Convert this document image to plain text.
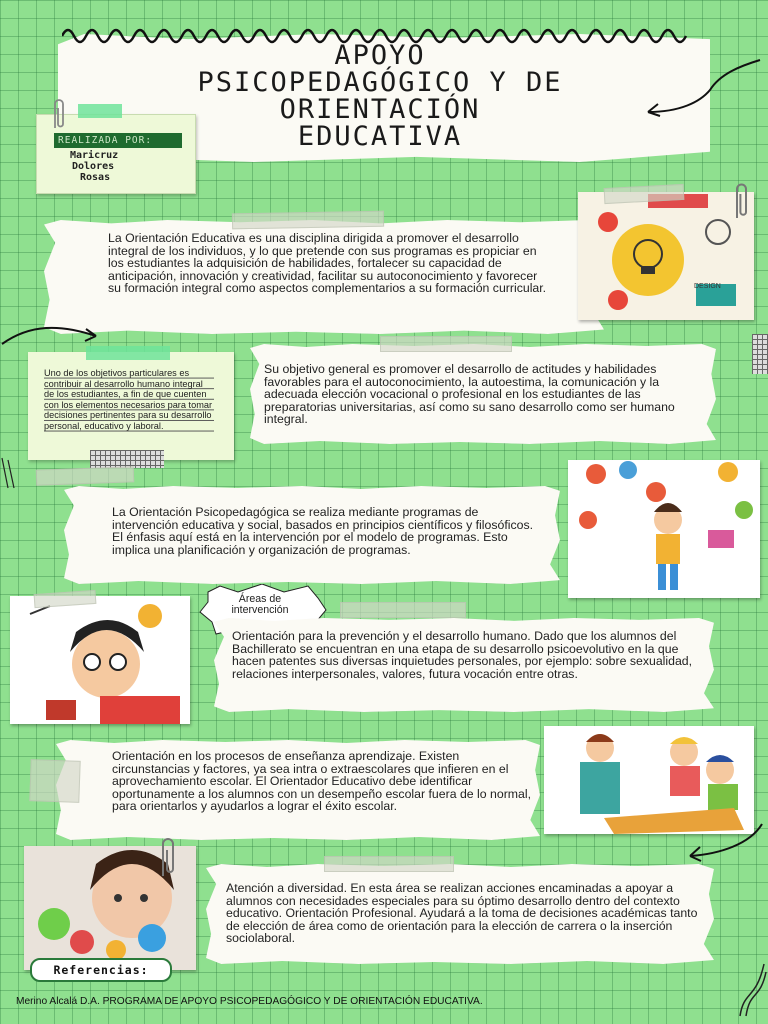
APOYO
PSICOPEDAGÓGICO Y DE
ORIENTACIÓN
EDUCATIVA
REALIZADA POR:
Maricruz
Dolores
Rosas
La Orientación Educativa es una disciplina dirigida a promover el desarrollo integral de los individuos, y lo que pretende con sus programas es propiciar en los estudiantes la adquisición de habilidades, fortalecer su capacidad de anticipación, innovación y creatividad, facilitar su autoconocimiento y favorecer su formación integral como aspectos complementarios a su formación curricular.	DESIGN
Uno de los objetivos particulares es contribuir al desarrollo humano integral de los estudiantes, a fin de que cuenten con los elementos necesarios para tomar decisiones pertinentes para su desarrollo personal, educativo y laboral.
Su objetivo general es promover el desarrollo de actitudes y habilidades favorables para el autoconocimiento, la autoestima, la comunicación y la adecuada elección vocacional o profesional en los estudiantes de las preparatorias universitarias, así como su sano desarrollo como ser humano integral.
La Orientación Psicopedagógica se realiza mediante programas de intervención educativa y social, basados en principios científicos y filosóficos. El énfasis aquí está en la intervención por el modelo de programas. Esto implica una planificación y organización de programas.
Áreas de intervención
Orientación para la prevención y el desarrollo humano. Dado que los alumnos del Bachillerato se encuentran en una etapa de su desarrollo psicoevolutivo en la que hacen patentes sus diversas inquietudes personales, por ejemplo: sobre sexualidad, relaciones interpersonales, valores, futura vocación entre otras.
Orientación en los procesos de enseñanza aprendizaje. Existen circunstancias y factores, ya sea intra o extraescolares que infieren en el aprovechamiento escolar. El Orientador Educativo debe identificar oportunamente a los alumnos con un desempeño escolar fuera de lo normal, para orientarlos y ayudarlos a lograr el éxito escolar.
Atención a diversidad. En esta área se realizan acciones encaminadas a apoyar a alumnos con necesidades especiales para su óptimo desarrollo dentro del contexto educativo. Orientación Profesional. Ayudará a la toma de decisiones académicas tanto de elección de área como de orientación para la elección de carrera o la inserción sociolaboral.
Referencias:
Merino Alcalá D.A. PROGRAMA DE APOYO PSICOPEDAGÓGICO Y DE ORIENTACIÓN EDUCATIVA.
